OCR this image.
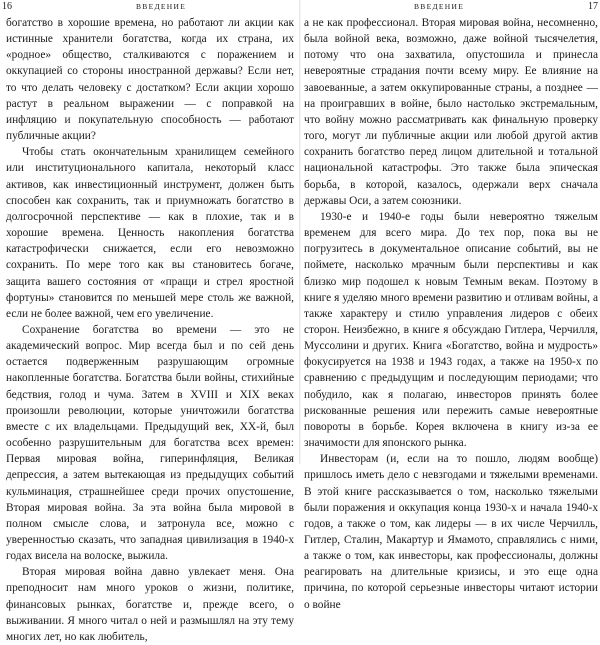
16	ВВЕДЕНИЕ

богатство в хорошие времена, но работают ли акции как истинные хранители богатства, когда их страна, их «родное» общество, сталкиваются с поражением и оккупацией со стороны иностранной державы? Если нет, то что делать человеку с достатком? Если акции хорошо растут в реальном выражении — с поправкой на инфляцию и покупательную способность — работают публичные акции?

Чтобы стать окончательным хранилищем семейного или институционального капитала, некоторый класс активов, как инвестиционный инструмент, должен быть способен как сохранить, так и приумножать богатство в долгосрочной перспективе — как в плохие, так и в хорошие времена. Ценность накопления богатства катастрофически снижается, если его невозможно сохранить. По мере того как вы становитесь богаче, защита вашего состояния от «пращи и стрел яростной фортуны» становится по меньшей мере столь же важной, если не более важной, чем его увеличение.

Сохранение богатства во времени — это не академический вопрос. Мир всегда был и по сей день остается подверженным разрушающим огромные накопленные богатства. Богатства были войны, стихийные бедствия, голод и чума. Затем в XVIII и XIX веках произошли революции, которые уничтожили богатства вместе с их владельцами. Предыдущий век, ХХ-й, был особенно разрушительным для богатства всех времен: Первая мировая война, гиперинфляция, Великая депрессия, а затем вытекающая из предыдущих событий кульминация, страшнейшее среди прочих опустошение, Вторая мировая война. За эта война была мировой в полном смысле слова, и затронула все, можно с уверенностью сказать, что западная цивилизация в 1940-х годах висела на волоске, выжила.

Вторая мировая война давно увлекает меня. Она преподносит нам много уроков о жизни, политике, финансовых рынках, богатстве и, прежде всего, о выживании. Я много читал о ней и размышлял на эту тему многих лет, но как любитель,

ВВЕДЕНИЕ	17

а не как профессионал. Вторая мировая война, несомненно, была войной века, возможно, даже войной тысячелетия, потому что она захватила, опустошила и принесла невероятные страдания почти всему миру. Ее влияние на завоеванные, а затем оккупированные страны, а позднее — на проигравших в войне, было настолько экстремальным, что войну можно рассматривать как финальную проверку того, могут ли публичные акции или любой другой актив сохранить богатство перед лицом длительной и тотальной национальной катастрофы. Это также была эпическая борьба, в которой, казалось, одержали верх сначала державы Оси, а затем союзники.

1930-е и 1940-е годы были невероятно тяжелым временем для всего мира. До тех пор, пока вы не погрузитесь в документальное описание событий, вы не поймете, насколько мрачным были перспективы и как близко мир подошел к новым Темным векам. Поэтому в книге я уделяю много времени развитию и отливам войны, а также характеру и стилю управления лидеров с обеих сторон. Неизбежно, в книге я обсуждаю Гитлера, Черчилля, Муссолини и других. Книга «Богатство, война и мудрость» фокусируется на 1938 и 1943 годах, а также на 1950-х по сравнению с предыдущим и последующим периодами; что побудило, как я полагаю, инвесторов принять более рискованные решения или пережить самые невероятные повороты в борьбе. Корея включена в книгу из-за ее значимости для японского рынка.

Инвесторам (и, если на то пошло, людям вообще) пришлось иметь дело с невзгодами и тяжелыми временами. В этой книге рассказывается о том, насколько тяжелыми были поражения и оккупация конца 1930-х и начала 1940-х годов, а также о том, как лидеры — в их числе Черчилль, Гитлер, Сталин, Макартур и Ямамото, справлялись с ними, а также о том, как инвесторы, как профессионалы, должны реагировать на длительные кризисы, и это еще одна причина, по которой серьезные инвесторы читают истории о войне
